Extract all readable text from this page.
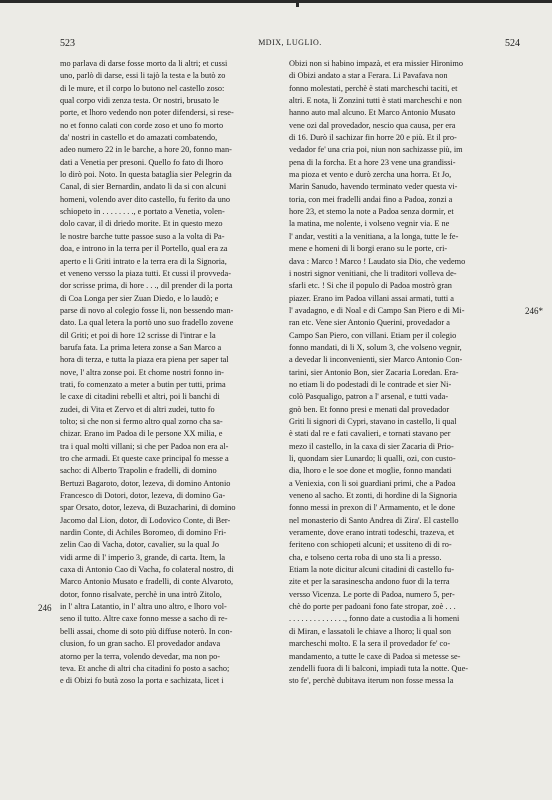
523	MDIX, LUGLIO.	524
mo parlava di darse fosse morto da li altri; et cussi
uno, parlò di darse, essi li tajò la testa e la butò zo
di le mure, et il corpo lo butono nel castello zoso:
qual corpo vidi zenza testa. Or nostri, brusato le
porte, et lhoro vedendo non poter difendersi, si rese-
no et fonno calati con corde zoso et uno fo morto
da' nostri in castello et do amazati combatendo,
adeo numero 22 in le barche, a hore 20, fonno man-
dati a Venetia per presoni. Quello fo fato di lhoro
lo dirò poi. Noto. In questa bataglia sier Pelegrin da
Canal, di sier Bernardin, andato li da si con alcuni
homeni, volendo aver dito castello, fu ferito da uno
schiopeto in . . . . . . . ., e portato a Venetia, volen-
dolo cavar, il di driedo morite. Et in questo mezo
le nostre barche tutte passoe suso a la volta di Pa-
doa, e introno in la terra per il Portello, qual era za
aperto e li Griti intrato e la terra era di la Signoria,
et veneno versso la piaza tutti. Et cussi il provveda-
dor scrisse prima, di hore . . ., dil prender di la porta
di Coa Longa per sier Zuan Diedo, e lo laudò; e
parse di novo al colegio fosse li, non bessendo man-
dato. La qual letera la portò uno suo fradello zovene
dil Griti; et poi di hore 12 scrisse di l'intrar e la
barufa fata. La prima letera zonse a San Marco a
hora di terza, e tutta la piaza era piena per saper tal
nove, l' altra zonse poi. Et chome nostri fonno in-
trati, fo comenzato a meter a butin per tutti, prima
le caxe di citadini rebelli et altri, poi li banchi di
zudei, di Vita et Zervo et di altri zudei, tutto fo
tolto; si che non si fermo altro qual zorno cha sa-
chizar. Erano im Padoa di le persone XX milia, e
tra i qual molti villani; si che per Padoa non era al-
tro che armadi. Et queste caxe principal fo messe a
sacho: di Alberto Trapolin e fradelli, di domino
Bertuzi Bagaroto, dotor, lezeva, di domino Antonio
Francesco di Dotori, dotor, lezeva, di domino Ga-
spar Orsato, dotor, lezeva, di Buzacharini, di domino
Jacomo dal Lion, dotor, di Lodovico Conte, di Ber-
nardin Conte, di Achiles Boromeo, di domino Fri-
zelin Cao di Vacha, dotor, cavalier, su la qual Jo
vidi arme di l' imperio 3, grande, di carta. Item, la
caxa di Antonio Cao di Vacha, fo colateral nostro, di
Marco Antonio Musato e fradelli, di conte Alvaroto,
dotor, fonno risalvate, perchè in una intrò Zitolo,
in l' altra Latantio, in l' altra uno altro, e lhoro vol-
seno il tutto. Altre caxe fonno messe a sacho di re-
belli assai, chome di soto più diffuse noterò. In con-
clusion, fo un gran sacho. El provedador andava
atorno per la terra, volendo devedar, ma non po-
teva. Et anche di altri cha citadini fo posto a sacho;
e di Obizi fo butà zoso la porta e sachizata, licet i
Obizi non si habino impazà, et era missier Hironimo
di Obizi andato a star a Ferara. Li Pavafava non
fonno molestati, perchè è stati marcheschi taciti, et
altri. E nota, li Zonzini tutti è stati marcheschi e non
hanno auto mal alcuno. Et Marco Antonio Musato
vene ozi dal provedador, nescio qua causa, per era
di 16. Durò il sachizar fin horre 20 e più. Et il pro-
vedador fe' una cria poi, niun non sachizasse più, im
pena di la forcha. Et a hore 23 vene una grandissi-
ma pioza et vento e durò zercha una horra. Et Jo,
Marin Sanudo, havendo terminato veder questa vi-
toria, con mei fradelli andai fino a Padoa, zonzi a
hore 23, et stemo la note a Padoa senza dormir, et
la matina, me nolente, i volseno vegnir via. E ne
l' andar, vestiti a la venitiana, a la longa, tutte le fe-
mene e homeni di li borgi erano su le porte, cri-
dava : Marco ! Marco ! Laudato sia Dio, che vedemo
i nostri signor venitiani, che li traditori volleva de-
sfarli etc. ! Si che il populo di Padoa mostrò gran
piazer. Erano im Padoa villani assai armati, tutti a
l' avadagno, e di Noal e di Campo San Piero e di Mi-
ran etc. Vene sier Antonio Querini, provedador a
Campo San Piero, con villani. Etiam per il colegio
fonno mandati, di li X, solum 3, che volseno vegnir,
a devedar li inconvenienti, sier Marco Antonio Con-
tarini, sier Antonio Bon, sier Zacaria Loredan. Era-
no etiam li do podestadi di le contrade et sier Ni-
colò Pasqualigo, patron a l' arsenal, e tutti vada-
gnò ben. Et fonno presi e menati dal provedador
Griti li signori di Cypri, stavano in castello, li qual
è stati dal re e fati cavalieri, e tornati stavano per
mezo il castello, in la caxa di sier Zacaria di Prio-
li, quondam sier Lunardo; li qualli, ozi, con custo-
dia, lhoro e le soe done et moglie, fonno mandati
a Veniexia, con li soi guardiani primi, che a Padoa
veneno al sacho. Et zonti, di hordine di la Signoria
fonno messi in prexon di l' Armamento, et le done
nel monasterio di Santo Andrea di Zira'. El castello
veramente, dove erano intrati todeschi, trazeva, et
feriteno con schiopeti alcuni; et ussiteno di di ro-
cha, e tolseno certa roba di uno sta li a presso.
Etiam la note dicitur alcuni citadini di castello fu-
zite et per la sarasinescha andono fuor di la terra
versso Vicenza. Le porte di Padoa, numero 5, per-
chè do porte per padoani fono fate stropar, zoè . . .
. . . . . . . . . . . . . ., fonno date a custodia a li homeni
di Miran, e lassatoli le chiave a lhoro; li qual son
marcheschi molto. E la sera il provedador fe' co-
mandamento, a tutte le caxe di Padoa si metesse se-
zendelli fuora di li balconi, impiadi tuta la notte. Que-
sto fe', perchè dubitava iterum non fosse messa la
246
246*
